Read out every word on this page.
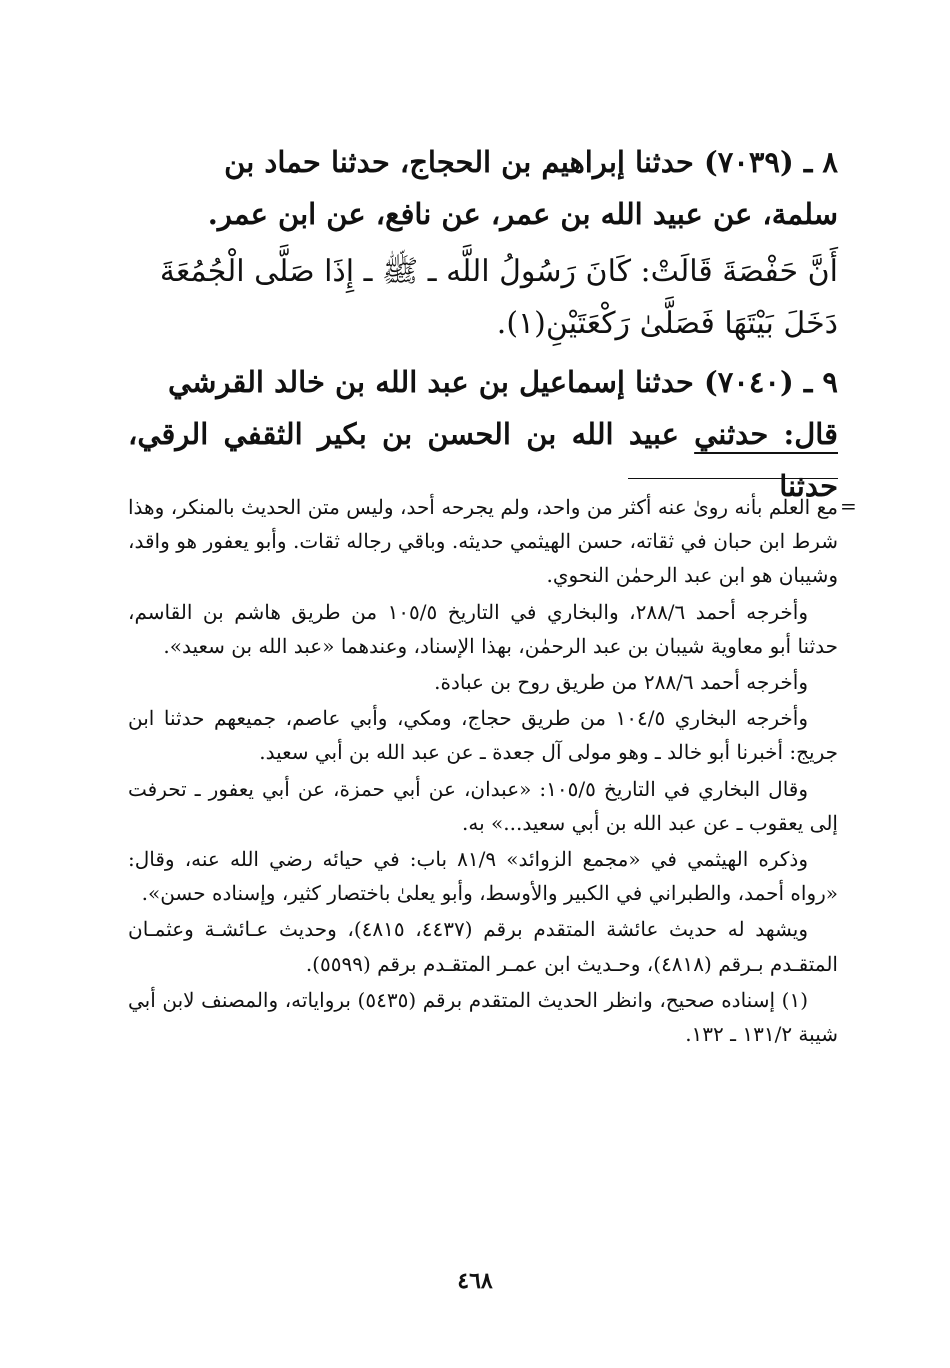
٨ ـ (٧٠٣٩) حدثنا إبراهيم بن الحجاج، حدثنا حماد بن

سلمة، عن عبيد الله بن عمر، عن نافع، عن ابن عمر.

أَنَّ حَفْصَةَ قَالَتْ: كَانَ رَسُولُ اللَّه ـ ﷺ ـ إِذَا صَلَّى الْجُمُعَةَ

دَخَلَ بَيْتَهَا فَصَلَّىٰ رَكْعَتَيْنِ(١).

٩ ـ (٧٠٤٠) حدثنا إسماعيل بن عبد الله بن خالد القرشي

قال: حدثني عبيد الله بن الحسن بن بكير الثقفي الرقي، حدثنا

=

مع العلم بأنه روىٰ عنه أكثر من واحد، ولم يجرحه أحد، وليس متن الحديث بالمنكر، وهذا شرط ابن حبان في ثقاته، حسن الهيثمي حديثه. وباقي رجاله ثقات. وأبو يعفور هو واقد، وشيبان هو ابن عبد الرحمٰن النحوي.

وأخرجه أحمد ٢٨٨/٦، والبخاري في التاريخ ١٠٥/٥ من طريق هاشم بن القاسم، حدثنا أبو معاوية شيبان بن عبد الرحمٰن، بهذا الإسناد، وعندهما «عبد الله بن سعيد».

وأخرجه أحمد ٢٨٨/٦ من طريق روح بن عبادة.

وأخرجه البخاري ١٠٤/٥ من طريق حجاج، ومكي، وأبي عاصم، جميعهم حدثنا ابن جريج: أخبرنا أبو خالد ـ وهو مولى آل جعدة ـ عن عبد الله بن أبي سعيد.

وقال البخاري في التاريخ ١٠٥/٥: «عبدان، عن أبي حمزة، عن أبي يعفور ـ تحرفت إلى يعقوب ـ عن عبد الله بن أبي سعيد...» به.

وذكره الهيثمي في «مجمع الزوائد» ٨١/٩ باب: في حيائه رضي الله عنه، وقال: «رواه أحمد، والطبراني في الكبير والأوسط، وأبو يعلىٰ باختصار كثير، وإسناده حسن».

ويشهد له حديث عائشة المتقدم برقم (٤٤٣٧، ٤٨١٥)، وحديث عـائشـة وعثمـان المتقـدم بـرقم (٤٨١٨)، وحـديث ابن عمـر المتقـدم برقم (٥٥٩٩).

(١) إسناده صحيح، وانظر الحديث المتقدم برقم (٥٤٣٥) برواياته، والمصنف لابن أبي شيبة ١٣١/٢ ـ ١٣٢.

٤٦٨
